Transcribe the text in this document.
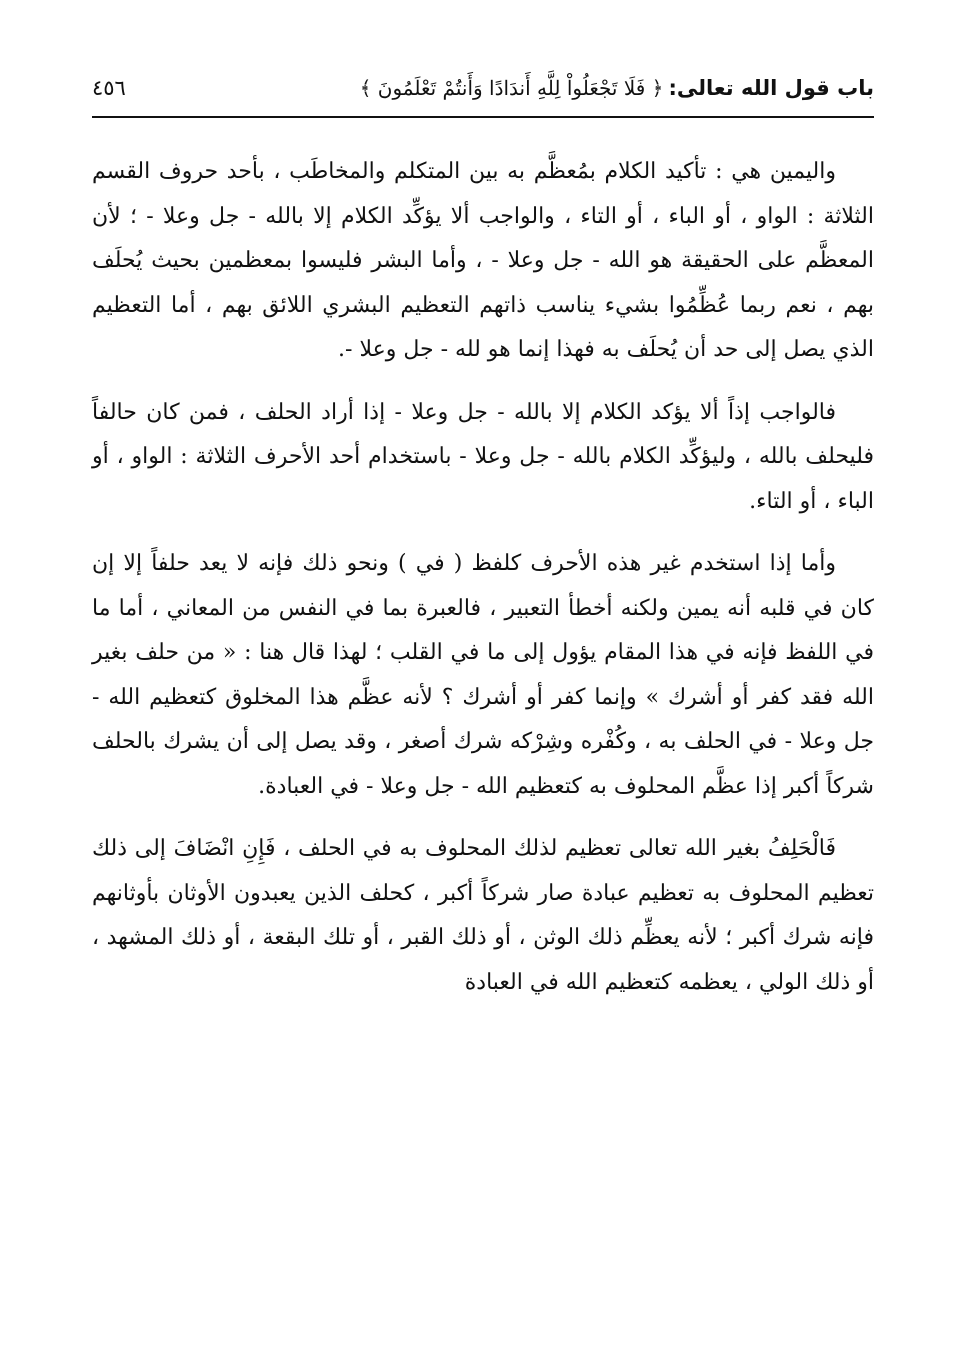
باب قول الله تعالى: ﴿ فَلَا تَجْعَلُواْ لِلَّهِ أَندَادًا وَأَنتُمْ تَعْلَمُونَ ﴾
٤٥٦

واليمين هي : تأكيد الكلام بمُعظَّم به بين المتكلم والمخاطَب ، بأحد حروف القسم الثلاثة : الواو ، أو الباء ، أو التاء ، والواجب ألا يؤكِّد الكلام إلا بالله - جل وعلا - ؛ لأن المعظَّم على الحقيقة هو الله - جل وعلا - ، وأما البشر فليسوا بمعظمين بحيث يُحلَف بهم ، نعم ربما عُظِّمُوا بشيء يناسب ذاتهم التعظيم البشري اللائق بهم ، أما التعظيم الذي يصل إلى حد أن يُحلَف به فهذا إنما هو لله - جل وعلا -.

فالواجب إذاً ألا يؤكد الكلام إلا بالله - جل وعلا - إذا أراد الحلف ، فمن كان حالفاً فليحلف بالله ، وليؤكِّد الكلام بالله - جل وعلا - باستخدام أحد الأحرف الثلاثة : الواو ، أو الباء ، أو التاء.

وأما إذا استخدم غير هذه الأحرف كلفظ ( في ) ونحو ذلك فإنه لا يعد حلفاً إلا إن كان في قلبه أنه يمين ولكنه أخطأ التعبير ، فالعبرة بما في النفس من المعاني ، أما ما في اللفظ فإنه في هذا المقام يؤول إلى ما في القلب ؛ لهذا قال هنا : « من حلف بغير الله فقد كفر أو أشرك » وإنما كفر أو أشرك ؟ لأنه عظَّم هذا المخلوق كتعظيم الله - جل وعلا - في الحلف به ، وكُفْره وشِرْكه شرك أصغر ، وقد يصل إلى أن يشرك بالحلف شركاً أكبر إذا عظَّم المحلوف به كتعظيم الله - جل وعلا - في العبادة.

فَالْحَلِفُ بغير الله تعالى تعظيم لذلك المحلوف به في الحلف ، فَإِنِ انْضَافَ إلى ذلك تعظيم المحلوف به تعظيم عبادة صار شركاً أكبر ، كحلف الذين يعبدون الأوثان بأوثانهم فإنه شرك أكبر ؛ لأنه يعظِّم ذلك الوثن ، أو ذلك القبر ، أو تلك البقعة ، أو ذلك المشهد ، أو ذلك الولي ، يعظمه كتعظيم الله في العبادة
